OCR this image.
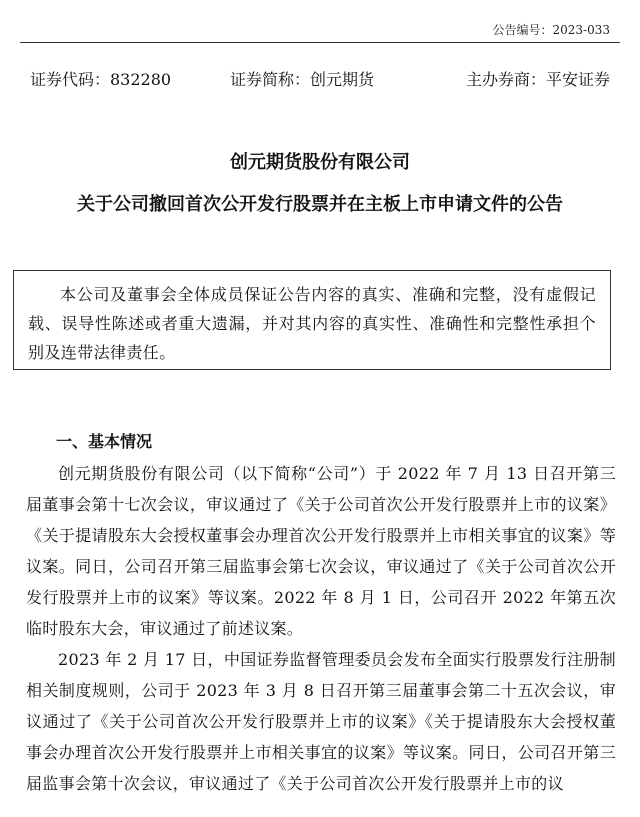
公告编号：2023-033
证券代码：832280	证券简称：创元期货	主办券商：平安证券
创元期货股份有限公司
关于公司撤回首次公开发行股票并在主板上市申请文件的公告

本公司及董事会全体成员保证公告内容的真实、准确和完整，没有虚假记载、误导性陈述或者重大遗漏，并对其内容的真实性、准确性和完整性承担个别及连带法律责任。

一、基本情况

创元期货股份有限公司（以下简称“公司”）于 2022 年 7 月 13 日召开第三届董事会第十七次会议，审议通过了《关于公司首次公开发行股票并上市的议案》《关于提请股东大会授权董事会办理首次公开发行股票并上市相关事宜的议案》等议案。同日，公司召开第三届监事会第七次会议，审议通过了《关于公司首次公开发行股票并上市的议案》等议案。2022 年 8 月 1 日，公司召开 2022 年第五次临时股东大会，审议通过了前述议案。

2023 年 2 月 17 日，中国证券监督管理委员会发布全面实行股票发行注册制相关制度规则，公司于 2023 年 3 月 8 日召开第三届董事会第二十五次会议，审议通过了《关于公司首次公开发行股票并上市的议案》《关于提请股东大会授权董事会办理首次公开发行股票并上市相关事宜的议案》等议案。同日，公司召开第三届监事会第十次会议，审议通过了《关于公司首次公开发行股票并上市的议
